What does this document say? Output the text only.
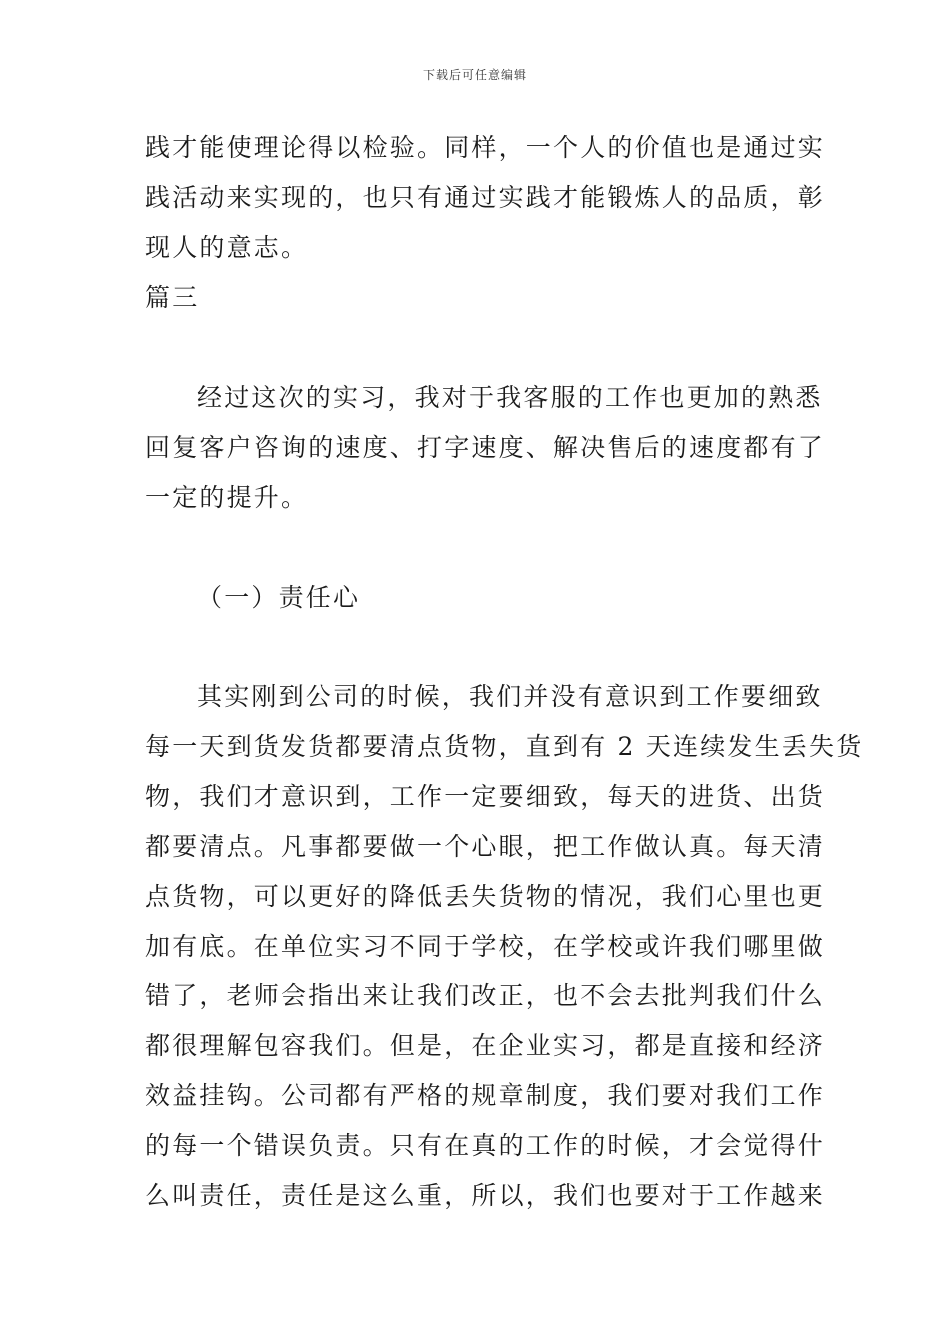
下载后可任意编辑
践才能使理论得以检验。同样，一个人的价值也是通过实
践活动来实现的，也只有通过实践才能锻炼人的品质，彰
现人的意志。
篇三
经过这次的实习，我对于我客服的工作也更加的熟悉
回复客户咨询的速度、打字速度、解决售后的速度都有了
一定的提升。
（一）责任心
其实刚到公司的时候，我们并没有意识到工作要细致
每一天到货发货都要清点货物，直到有 2 天连续发生丢失货
物，我们才意识到，工作一定要细致，每天的进货、出货
都要清点。凡事都要做一个心眼，把工作做认真。每天清
点货物，可以更好的降低丢失货物的情况，我们心里也更
加有底。在单位实习不同于学校，在学校或许我们哪里做
错了，老师会指出来让我们改正，也不会去批判我们什么
都很理解包容我们。但是，在企业实习，都是直接和经济
效益挂钩。公司都有严格的规章制度，我们要对我们工作
的每一个错误负责。只有在真的工作的时候，才会觉得什
么叫责任，责任是这么重，所以，我们也要对于工作越来
